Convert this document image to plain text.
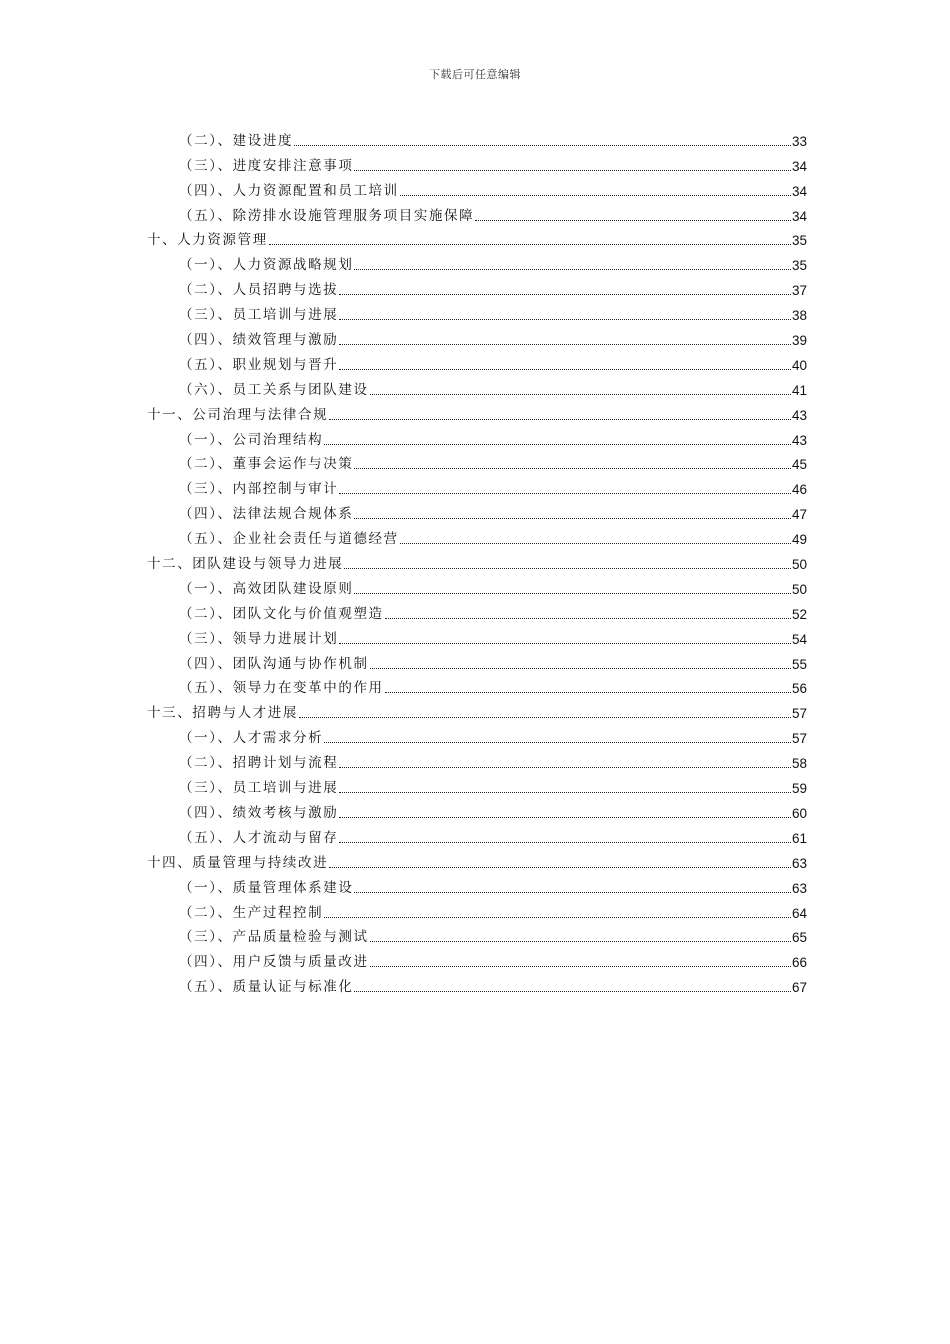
下载后可任意编辑
（二）、建设进度	33
（三）、进度安排注意事项	34
（四）、人力资源配置和员工培训	34
（五）、除涝排水设施管理服务项目实施保障	34
十、人力资源管理	35
（一）、人力资源战略规划	35
（二）、人员招聘与选拔	37
（三）、员工培训与进展	38
（四）、绩效管理与激励	39
（五）、职业规划与晋升	40
（六）、员工关系与团队建设	41
十一、公司治理与法律合规	43
（一）、公司治理结构	43
（二）、董事会运作与决策	45
（三）、内部控制与审计	46
（四）、法律法规合规体系	47
（五）、企业社会责任与道德经营	49
十二、团队建设与领导力进展	50
（一）、高效团队建设原则	50
（二）、团队文化与价值观塑造	52
（三）、领导力进展计划	54
（四）、团队沟通与协作机制	55
（五）、领导力在变革中的作用	56
十三、招聘与人才进展	57
（一）、人才需求分析	57
（二）、招聘计划与流程	58
（三）、员工培训与进展	59
（四）、绩效考核与激励	60
（五）、人才流动与留存	61
十四、质量管理与持续改进	63
（一）、质量管理体系建设	63
（二）、生产过程控制	64
（三）、产品质量检验与测试	65
（四）、用户反馈与质量改进	66
（五）、质量认证与标准化	67
